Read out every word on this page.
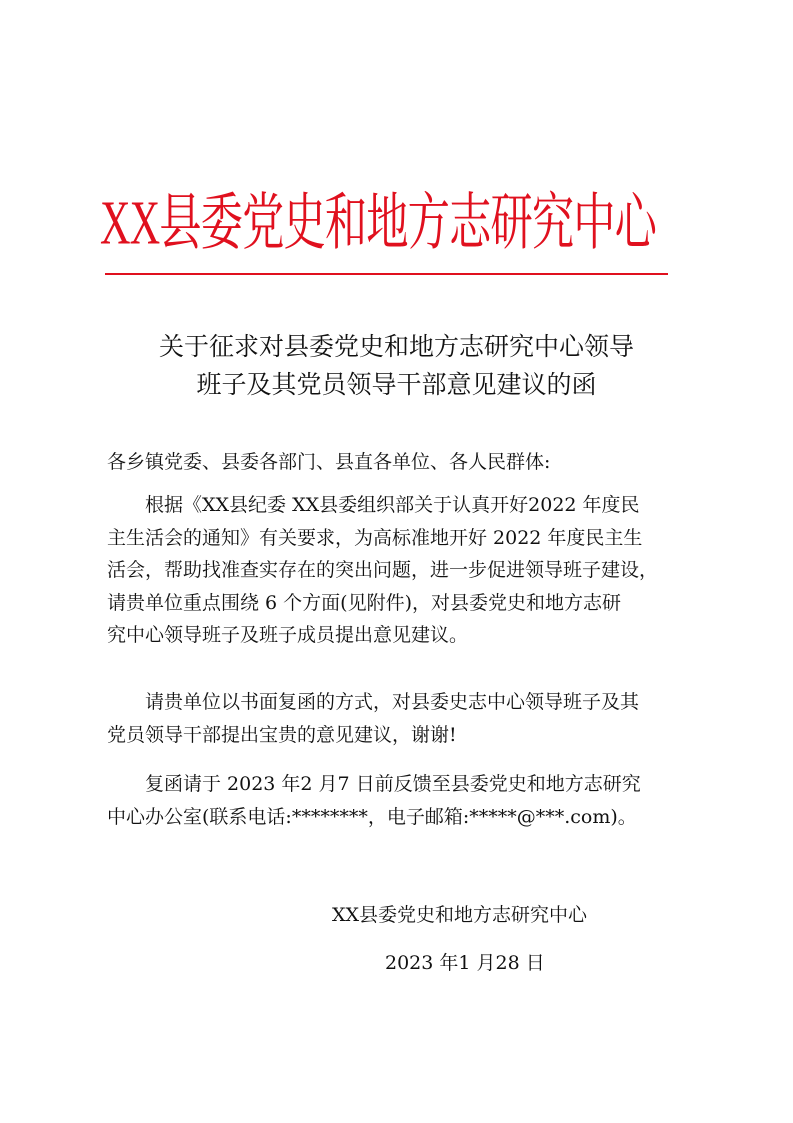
XX县委党史和地方志研究中心
关于征求对县委党史和地方志研究中心领导
班子及其党员领导干部意见建议的函
各乡镇党委、县委各部门、县直各单位、各人民群体:
　　根据《XX县纪委 XX县委组织部关于认真开好2022 年度民
主生活会的通知》有关要求，为高标准地开好 2022 年度民主生
活会，帮助找准查实存在的突出问题，进一步促进领导班子建设，
请贵单位重点围绕 6 个方面(见附件)，对县委党史和地方志研
究中心领导班子及班子成员提出意见建议。
　　请贵单位以书面复函的方式，对县委史志中心领导班子及其
党员领导干部提出宝贵的意见建议，谢谢!
　　复函请于 2023 年2 月7 日前反馈至县委党史和地方志研究
中心办公室(联系电话:********，电子邮箱:*****@***.com)。
XX县委党史和地方志研究中心
2023 年1 月28 日
